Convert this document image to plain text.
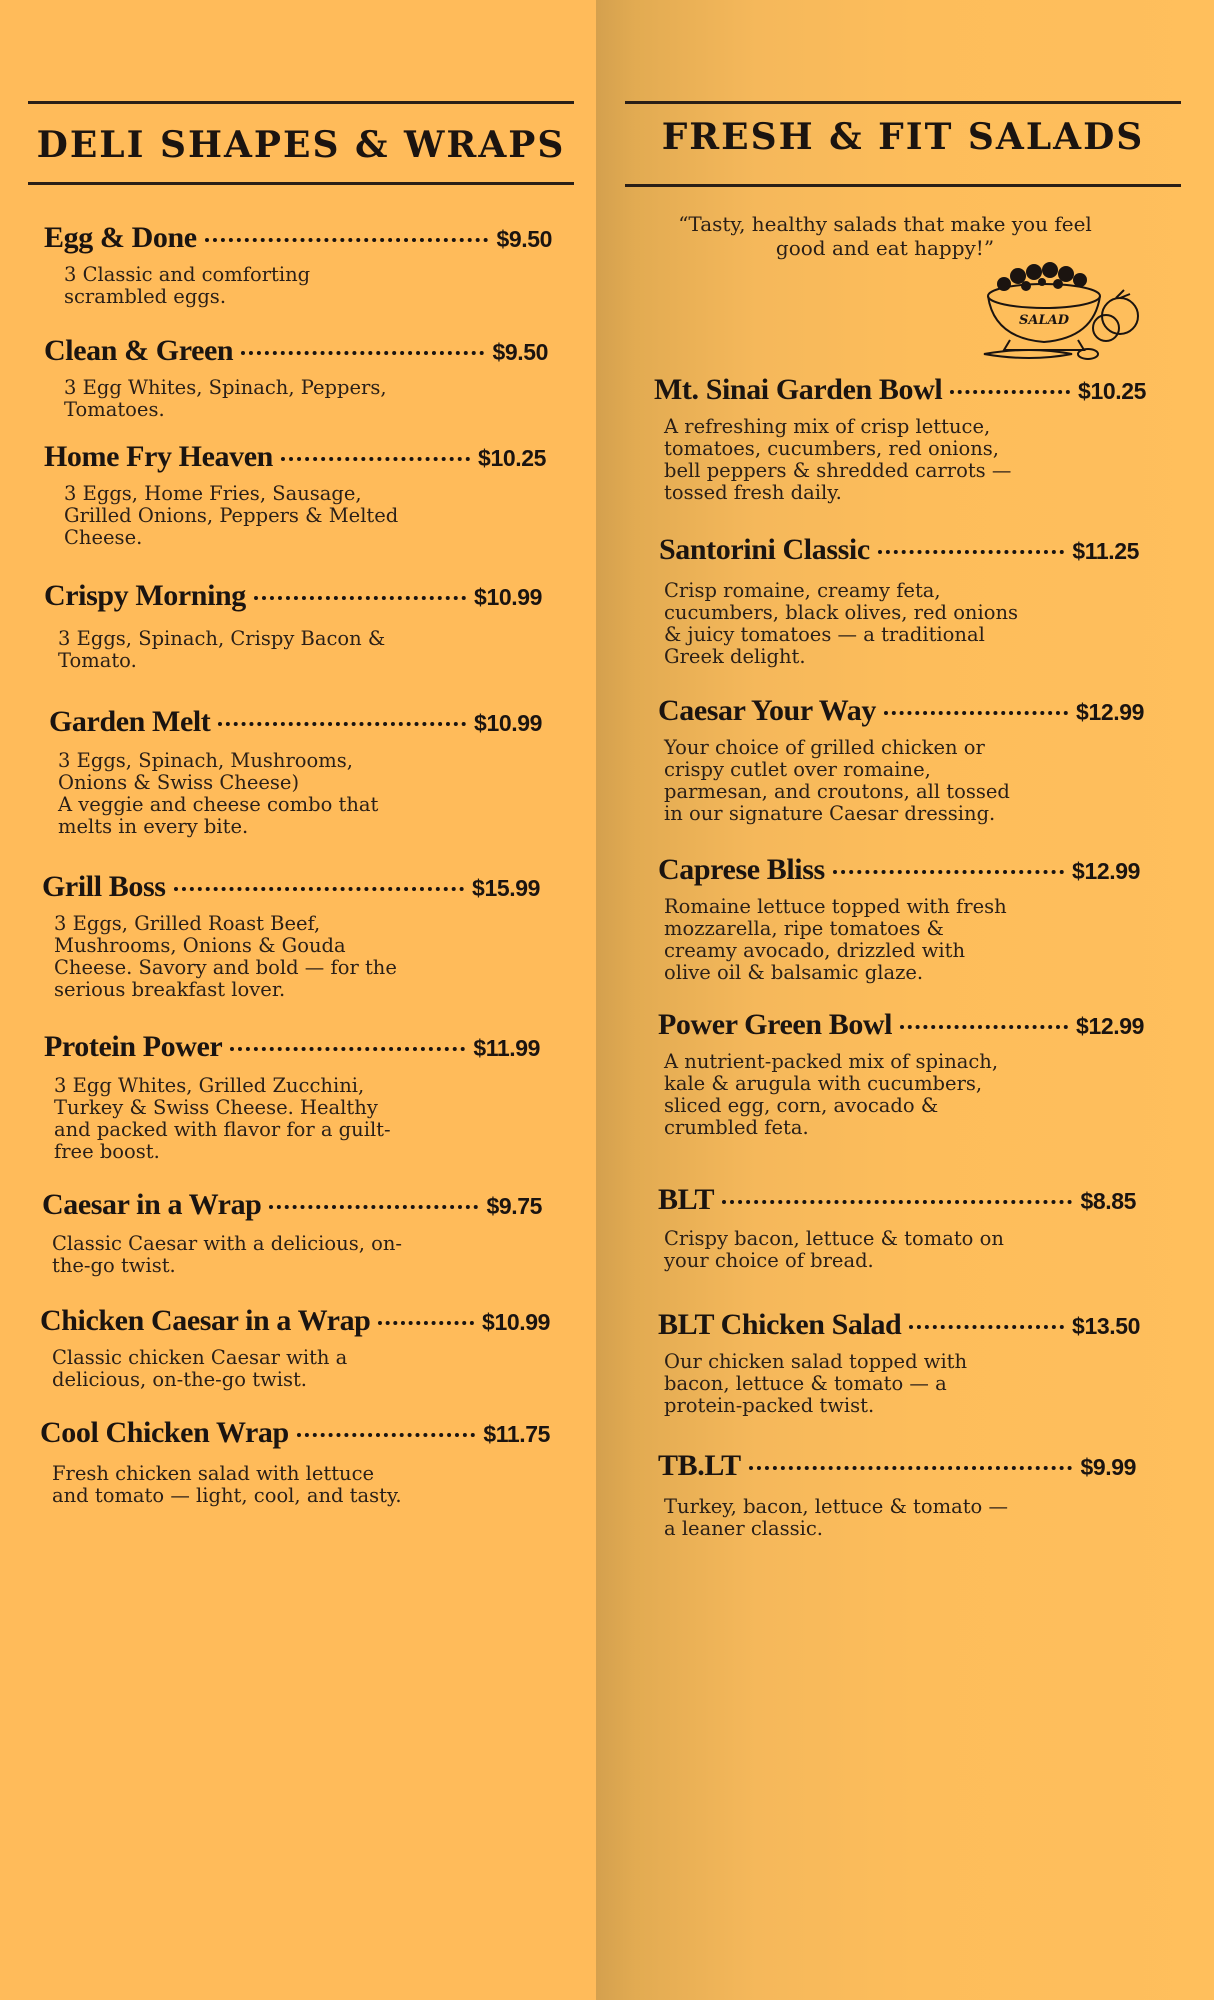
DELI SHAPES & WRAPS	FRESH & FIT SALADS
“Tasty, healthy salads that make you feel good and eat happy!”
SALAD
Egg & Done	$9.50
3 Classic and comforting
scrambled eggs.
Clean & Green	$9.50
3 Egg Whites, Spinach, Peppers,
Tomatoes.
Home Fry Heaven	$10.25
3 Eggs, Home Fries, Sausage,
Grilled Onions, Peppers & Melted
Cheese.
Crispy Morning	$10.99
3 Eggs, Spinach, Crispy Bacon &
Tomato.
Garden Melt	$10.99
3 Eggs, Spinach, Mushrooms,
Onions & Swiss Cheese)
A veggie and cheese combo that
melts in every bite.
Grill Boss	$15.99
3 Eggs, Grilled Roast Beef,
Mushrooms, Onions & Gouda
Cheese. Savory and bold — for the
serious breakfast lover.
Protein Power	$11.99
3 Egg Whites, Grilled Zucchini,
Turkey & Swiss Cheese. Healthy
and packed with flavor for a guilt-
free boost.
Caesar in a Wrap	$9.75
Classic Caesar with a delicious, on-
the-go twist.
Chicken Caesar in a Wrap	$10.99
Classic chicken Caesar with a
delicious, on-the-go twist.
Cool Chicken Wrap	$11.75
Fresh chicken salad with lettuce
and tomato — light, cool, and tasty.
Mt. Sinai Garden Bowl	$10.25
A refreshing mix of crisp lettuce,
tomatoes, cucumbers, red onions,
bell peppers & shredded carrots —
tossed fresh daily.
Santorini Classic	$11.25
Crisp romaine, creamy feta,
cucumbers, black olives, red onions
& juicy tomatoes — a traditional
Greek delight.
Caesar Your Way	$12.99
Your choice of grilled chicken or
crispy cutlet over romaine,
parmesan, and croutons, all tossed
in our signature Caesar dressing.
Caprese Bliss	$12.99
Romaine lettuce topped with fresh
mozzarella, ripe tomatoes &
creamy avocado, drizzled with
olive oil & balsamic glaze.
Power Green Bowl	$12.99
A nutrient-packed mix of spinach,
kale & arugula with cucumbers,
sliced egg, corn, avocado &
crumbled feta.
BLT	$8.85
Crispy bacon, lettuce & tomato on
your choice of bread.
BLT Chicken Salad	$13.50
Our chicken salad topped with
bacon, lettuce & tomato — a
protein-packed twist.
TB.LT	$9.99
Turkey, bacon, lettuce & tomato —
a leaner classic.
